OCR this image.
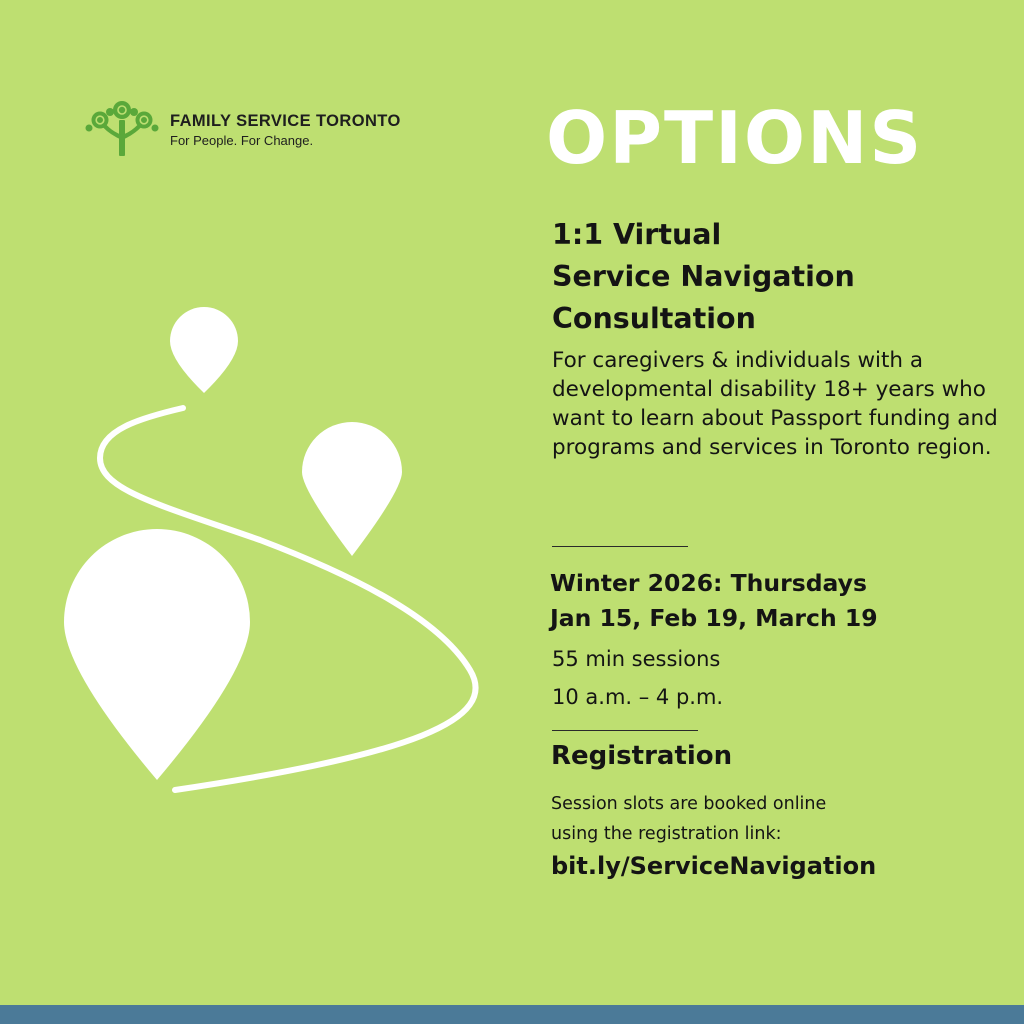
FAMILY SERVICE TORONTO
For People. For Change.	OPTIONS
1:1 Virtual
Service Navigation
Consultation

For caregivers & individuals with a developmental disability 18+ years who want to learn about Passport funding and programs and services in Toronto region.

Winter 2026: Thursdays
Jan 15, Feb 19, March 19

55 min sessions

10 a.m. – 4 p.m.

Registration

Session slots are booked online
using the registration link:

bit.ly/ServiceNavigation
